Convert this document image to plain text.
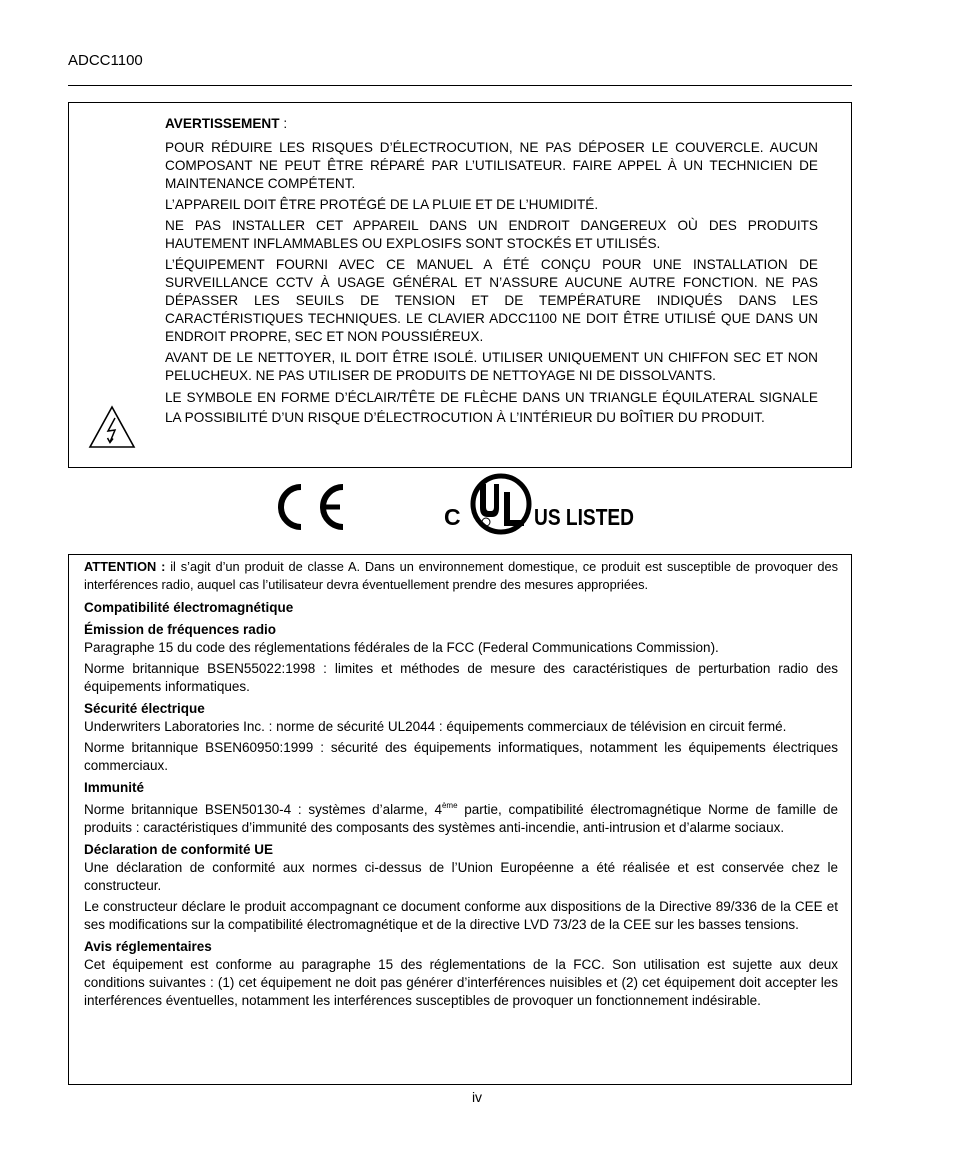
ADCC1100

AVERTISSEMENT :

POUR RÉDUIRE LES RISQUES D’ÉLECTROCUTION, NE PAS DÉPOSER LE COUVERCLE. AUCUN COMPOSANT NE PEUT ÊTRE RÉPARÉ PAR L’UTILISATEUR. FAIRE APPEL À UN TECHNICIEN DE MAINTENANCE COMPÉTENT.

L’APPAREIL DOIT ÊTRE PROTÉGÉ DE LA PLUIE ET DE L’HUMIDITÉ.

NE PAS INSTALLER CET APPAREIL DANS UN ENDROIT DANGEREUX OÙ DES PRODUITS HAUTEMENT INFLAMMABLES OU EXPLOSIFS SONT STOCKÉS ET UTILISÉS.

L’ÉQUIPEMENT FOURNI AVEC CE MANUEL A ÉTÉ CONÇU POUR UNE INSTALLATION DE SURVEILLANCE CCTV À USAGE GÉNÉRAL ET N’ASSURE AUCUNE AUTRE FONCTION. NE PAS DÉPASSER LES SEUILS DE TENSION ET DE TEMPÉRATURE INDIQUÉS DANS LES CARACTÉRISTIQUES TECHNIQUES. LE CLAVIER ADCC1100 NE DOIT ÊTRE UTILISÉ QUE DANS UN ENDROIT PROPRE, SEC ET NON POUSSIÉREUX.

AVANT DE LE NETTOYER, IL DOIT ÊTRE ISOLÉ. UTILISER UNIQUEMENT UN CHIFFON SEC ET NON PELUCHEUX. NE PAS UTILISER DE PRODUITS DE NETTOYAGE NI DE DISSOLVANTS.

LE SYMBOLE EN FORME D’ÉCLAIR/TÊTE DE FLÈCHE DANS UN TRIANGLE ÉQUILATERAL SIGNALE LA POSSIBILITÉ D’UN RISQUE D’ÉLECTROCUTION À L’INTÉRIEUR DU BOÎTIER DU PRODUIT.

C	US LISTED

ATTENTION : il s’agit d’un produit de classe A. Dans un environnement domestique, ce produit est susceptible de provoquer des interférences radio, auquel cas l’utilisateur devra éventuellement prendre des mesures appropriées.

Compatibilité électromagnétique

Émission de fréquences radio

Paragraphe 15 du code des réglementations fédérales de la FCC (Federal Communications Commission).

Norme britannique BSEN55022:1998 : limites et méthodes de mesure des caractéristiques de perturbation radio des équipements informatiques.

Sécurité électrique

Underwriters Laboratories Inc. : norme de sécurité UL2044 : équipements commerciaux de télévision en circuit fermé.

Norme britannique BSEN60950:1999 : sécurité des équipements informatiques, notamment les équipements électriques commerciaux.

Immunité

Norme britannique BSEN50130-4 : systèmes d’alarme, 4ème partie, compatibilité électromagnétique Norme de famille de produits : caractéristiques d’immunité des composants des systèmes anti-incendie, anti-intrusion et d’alarme sociaux.

Déclaration de conformité UE

Une déclaration de conformité aux normes ci-dessus de l’Union Européenne a été réalisée et est conservée chez le constructeur.

Le constructeur déclare le produit accompagnant ce document conforme aux dispositions de la Directive 89/336 de la CEE et ses modifications sur la compatibilité électromagnétique et de la directive LVD 73/23 de la CEE sur les basses tensions.

Avis réglementaires

Cet équipement est conforme au paragraphe 15 des réglementations de la FCC. Son utilisation est sujette aux deux conditions suivantes : (1) cet équipement ne doit pas générer d’interférences nuisibles et (2) cet équipement doit accepter les interférences éventuelles, notamment les interférences susceptibles de provoquer un fonctionnement indésirable.

iv
